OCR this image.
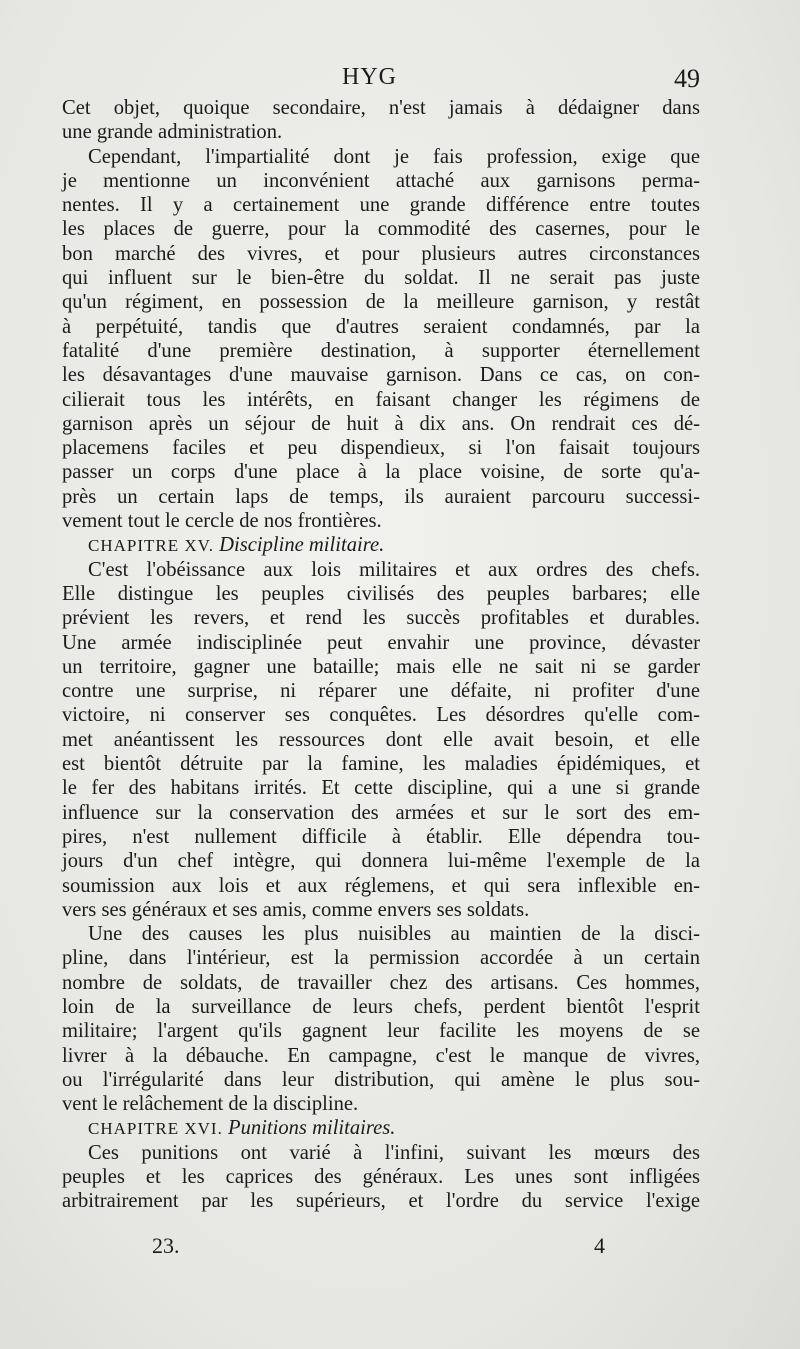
HYG	49
Cet objet, quoique secondaire, n'est jamais à dédaigner dans
une grande administration.
Cependant, l'impartialité dont je fais profession, exige que
je mentionne un inconvénient attaché aux garnisons perma-
nentes. Il y a certainement une grande différence entre toutes
les places de guerre, pour la commodité des casernes, pour le
bon marché des vivres, et pour plusieurs autres circonstances
qui influent sur le bien-être du soldat. Il ne serait pas juste
qu'un régiment, en possession de la meilleure garnison, y restât
à perpétuité, tandis que d'autres seraient condamnés, par la
fatalité d'une première destination, à supporter éternellement
les désavantages d'une mauvaise garnison. Dans ce cas, on con-
cilierait tous les intérêts, en faisant changer les régimens de
garnison après un séjour de huit à dix ans. On rendrait ces dé-
placemens faciles et peu dispendieux, si l'on faisait toujours
passer un corps d'une place à la place voisine, de sorte qu'a-
près un certain laps de temps, ils auraient parcouru successi-
vement tout le cercle de nos frontières.
CHAPITRE XV. Discipline militaire.
C'est l'obéissance aux lois militaires et aux ordres des chefs.
Elle distingue les peuples civilisés des peuples barbares; elle
prévient les revers, et rend les succès profitables et durables.
Une armée indisciplinée peut envahir une province, dévaster
un territoire, gagner une bataille; mais elle ne sait ni se garder
contre une surprise, ni réparer une défaite, ni profiter d'une
victoire, ni conserver ses conquêtes. Les désordres qu'elle com-
met anéantissent les ressources dont elle avait besoin, et elle
est bientôt détruite par la famine, les maladies épidémiques, et
le fer des habitans irrités. Et cette discipline, qui a une si grande
influence sur la conservation des armées et sur le sort des em-
pires, n'est nullement difficile à établir. Elle dépendra tou-
jours d'un chef intègre, qui donnera lui-même l'exemple de la
soumission aux lois et aux réglemens, et qui sera inflexible en-
vers ses généraux et ses amis, comme envers ses soldats.
Une des causes les plus nuisibles au maintien de la disci-
pline, dans l'intérieur, est la permission accordée à un certain
nombre de soldats, de travailler chez des artisans. Ces hommes,
loin de la surveillance de leurs chefs, perdent bientôt l'esprit
militaire; l'argent qu'ils gagnent leur facilite les moyens de se
livrer à la débauche. En campagne, c'est le manque de vivres,
ou l'irrégularité dans leur distribution, qui amène le plus sou-
vent le relâchement de la discipline.
CHAPITRE XVI. Punitions militaires.
Ces punitions ont varié à l'infini, suivant les mœurs des
peuples et les caprices des généraux. Les unes sont infligées
arbitrairement par les supérieurs, et l'ordre du service l'exige
23.	4
